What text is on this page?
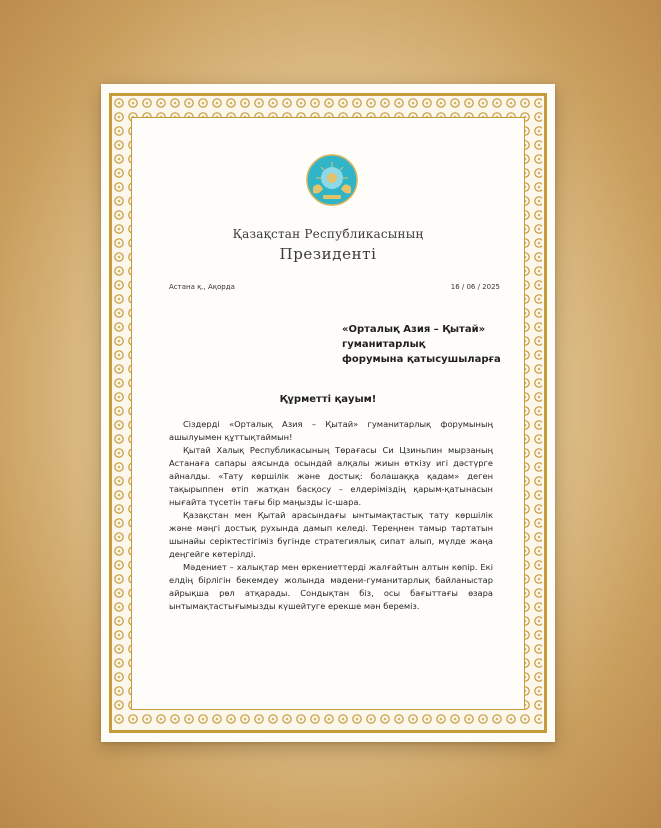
Қазақстан Республикасының
Президенті
Астана қ., Ақорда	16 / 06 / 2025
«Орталық Азия – Қытай»
гуманитарлық
форумына қатысушыларға
Құрметті қауым!

Сіздерді «Орталық Азия – Қытай» гуманитарлық форумының ашылуымен құттықтаймын!

Қытай Халық Республикасының Төрағасы Си Цзиньпин мырзаның Астанаға сапары аясында осындай алқалы жиын өткізу игі дәстүрге айналды. «Тату көршілік және достық: болашаққа қадам» деген тақырыппен өтіп жатқан басқосу – елдеріміздің қарым-қатынасын нығайта түсетін тағы бір маңызды іс-шара.

Қазақстан мен Қытай арасындағы ынтымақтастық тату көршілік және мәңгі достық рухында дамып келеді. Тереңнен тамыр тартатын шынайы серіктестігіміз бүгінде стратегиялық сипат алып, мүлде жаңа деңгейге көтерілді.

Мәдениет – халықтар мен өркениеттерді жалғайтын алтын көпір. Екі елдің бірлігін бекемдеу жолында мәдени-гуманитарлық байланыстар айрықша рөл атқарады. Сондықтан біз, осы бағыттағы өзара ынтымақтастығымызды күшейтуге ерекше мән береміз.
